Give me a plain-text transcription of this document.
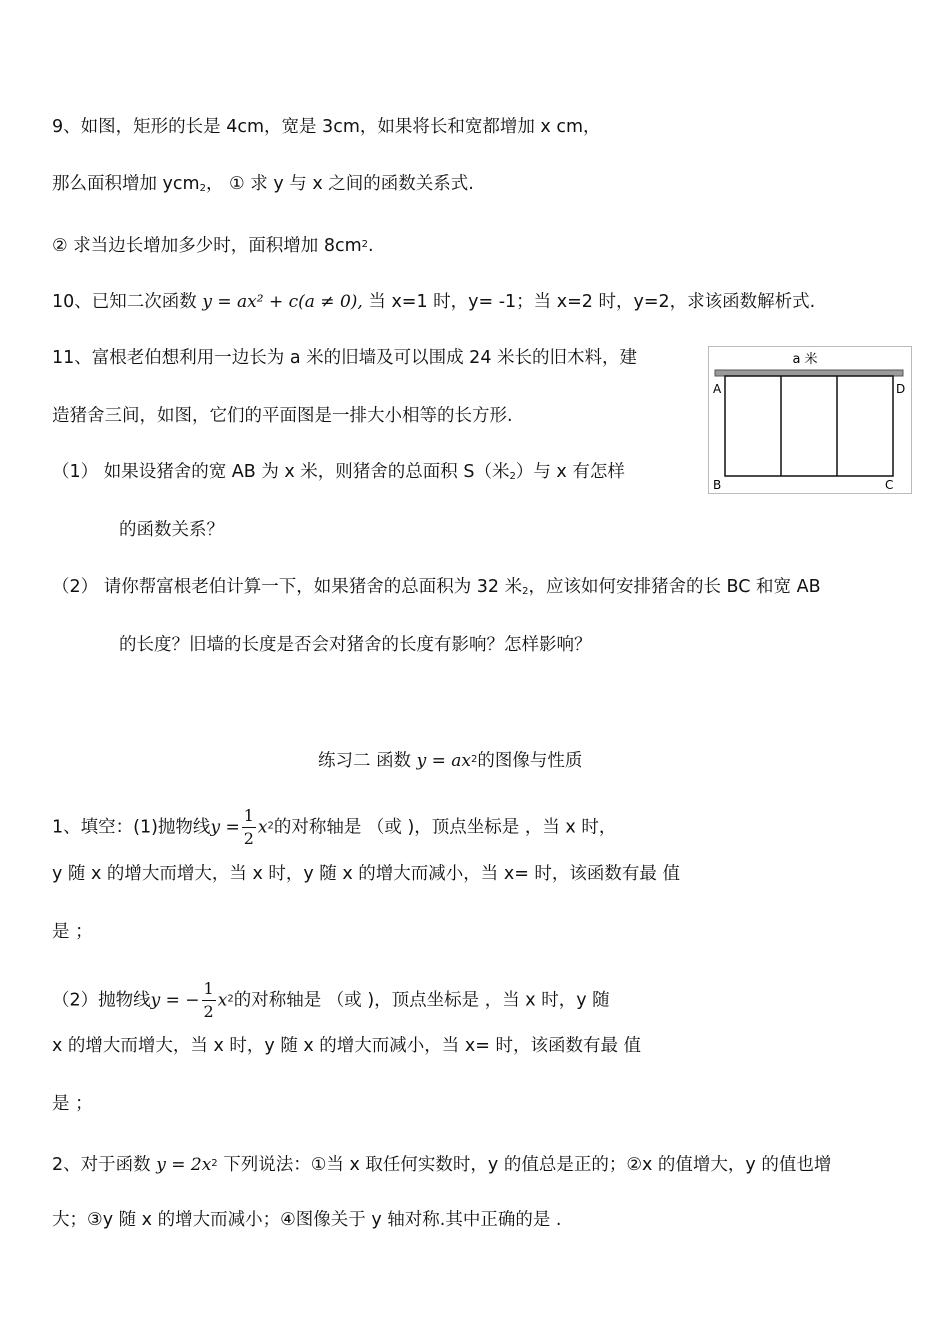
9、如图，矩形的长是 4cm，宽是 3cm，如果将长和宽都增加 x cm，
那么面积增加 ycm$_2$， ① 求 y 与 x 之间的函数关系式.
② 求当边长增加多少时，面积增加 $8cm^2$.
10、已知二次函数 y = ax² + c(a ≠ 0), 当 x=1 时，y= -1；当 x=2 时，y=2，求该函数解析式.
11、富根老伯想利用一边长为 a 米的旧墙及可以围成 24 米长的旧木料，建
造猪舍三间，如图，它们的平面图是一排大小相等的长方形.
（1） 如果设猪舍的宽 AB 为 x 米，则猪舍的总面积 S（米$_2$）与 x 有怎样
的函数关系？
（2） 请你帮富根老伯计算一下，如果猪舍的总面积为 32 米$_2$，应该如何安排猪舍的长 BC 和宽 AB
的长度？旧墙的长度是否会对猪舍的长度有影响？怎样影响？
a 米
A	D
B	C
练习二 函数 $y = ax^2$的图像与性质
1、填空：(1)抛物线$y = \frac{1}{2} x^2$的对称轴是 （或 )，顶点坐标是 ，当 x 时，
y 随 x 的增大而增大，当 x 时，y 随 x 的增大而减小，当 x= 时，该函数有最 值
是 ；
（2）抛物线y = − $\frac{1}{2} x^2$的对称轴是 （或 )，顶点坐标是 ，当 x 时，y 随
x 的增大而增大，当 x 时，y 随 x 的增大而减小，当 x= 时，该函数有最 值
是 ；
2、对于函数 $y = 2x^2$ 下列说法：①当 x 取任何实数时，y 的值总是正的；②x 的值增大，y 的值也增
大；③y 随 x 的增大而减小；④图像关于 y 轴对称.其中正确的是 .
